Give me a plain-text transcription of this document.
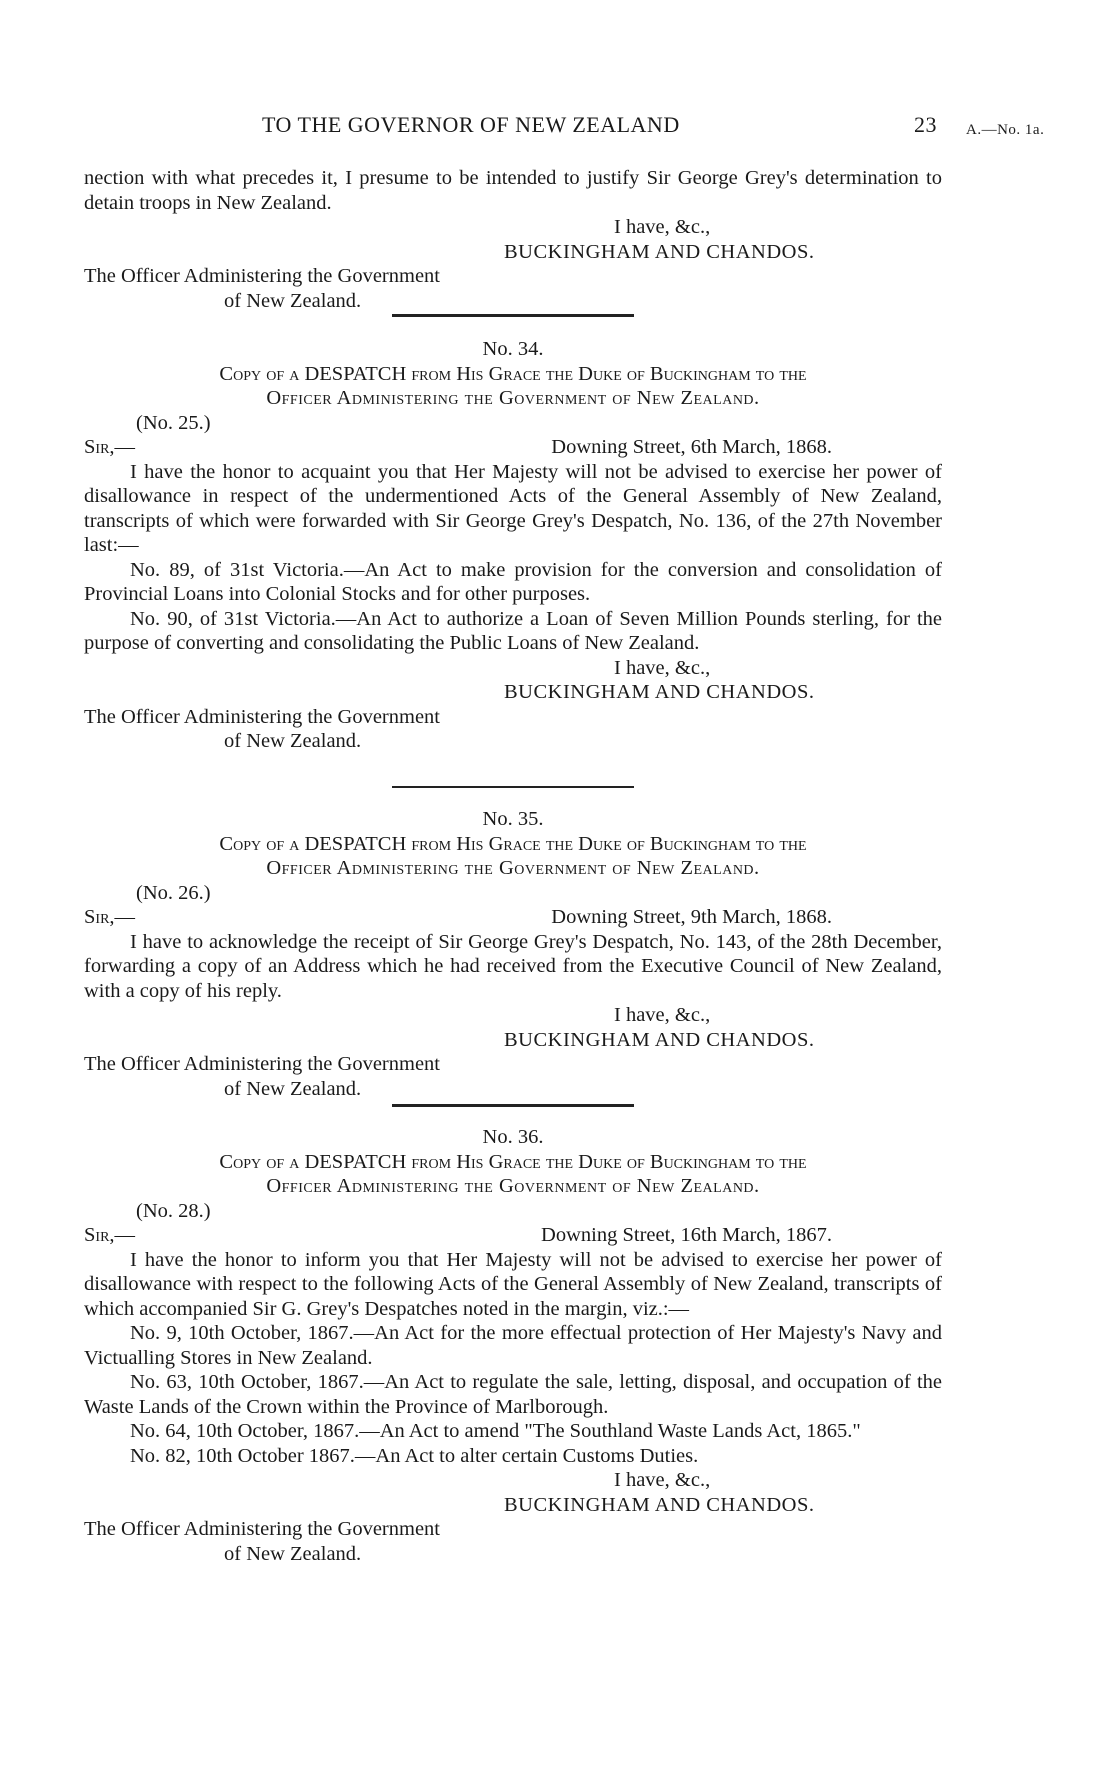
TO THE GOVERNOR OF NEW ZEALAND	23 A.—No. 1a.

nection with what precedes it, I presume to be intended to justify Sir George Grey's determination to detain troops in New Zealand.

I have, &c.,

BUCKINGHAM AND CHANDOS.

The Officer Administering the Government

of New Zealand.

No. 34.

Copy of a DESPATCH from His Grace the Duke of Buckingham to the

Officer Administering the Government of New Zealand.

(No. 25.)

Sir,—	Downing Street, 6th March, 1868.

I have the honor to acquaint you that Her Majesty will not be advised to exercise her power of disallowance in respect of the undermentioned Acts of the General Assembly of New Zealand, transcripts of which were forwarded with Sir George Grey's Despatch, No. 136, of the 27th November last:—

No. 89, of 31st Victoria.—An Act to make provision for the conversion and consolidation of Provincial Loans into Colonial Stocks and for other purposes.

No. 90, of 31st Victoria.—An Act to authorize a Loan of Seven Million Pounds sterling, for the purpose of converting and consolidating the Public Loans of New Zealand.

I have, &c.,

BUCKINGHAM AND CHANDOS.

The Officer Administering the Government

of New Zealand.

No. 35.

Copy of a DESPATCH from His Grace the Duke of Buckingham to the

Officer Administering the Government of New Zealand.

(No. 26.)

Sir,—	Downing Street, 9th March, 1868.

I have to acknowledge the receipt of Sir George Grey's Despatch, No. 143, of the 28th December, forwarding a copy of an Address which he had received from the Executive Council of New Zealand, with a copy of his reply.

I have, &c.,

BUCKINGHAM AND CHANDOS.

The Officer Administering the Government

of New Zealand.

No. 36.

Copy of a DESPATCH from His Grace the Duke of Buckingham to the

Officer Administering the Government of New Zealand.

(No. 28.)

Sir,—	Downing Street, 16th March, 1867.

I have the honor to inform you that Her Majesty will not be advised to exercise her power of disallowance with respect to the following Acts of the General Assembly of New Zealand, transcripts of which accompanied Sir G. Grey's Despatches noted in the margin, viz.:—

No. 9, 10th October, 1867.—An Act for the more effectual protection of Her Majesty's Navy and Victualling Stores in New Zealand.

No. 63, 10th October, 1867.—An Act to regulate the sale, letting, disposal, and occupation of the Waste Lands of the Crown within the Province of Marlborough.

No. 64, 10th October, 1867.—An Act to amend "The Southland Waste Lands Act, 1865."

No. 82, 10th October 1867.—An Act to alter certain Customs Duties.

I have, &c.,

BUCKINGHAM AND CHANDOS.

The Officer Administering the Government

of New Zealand.
